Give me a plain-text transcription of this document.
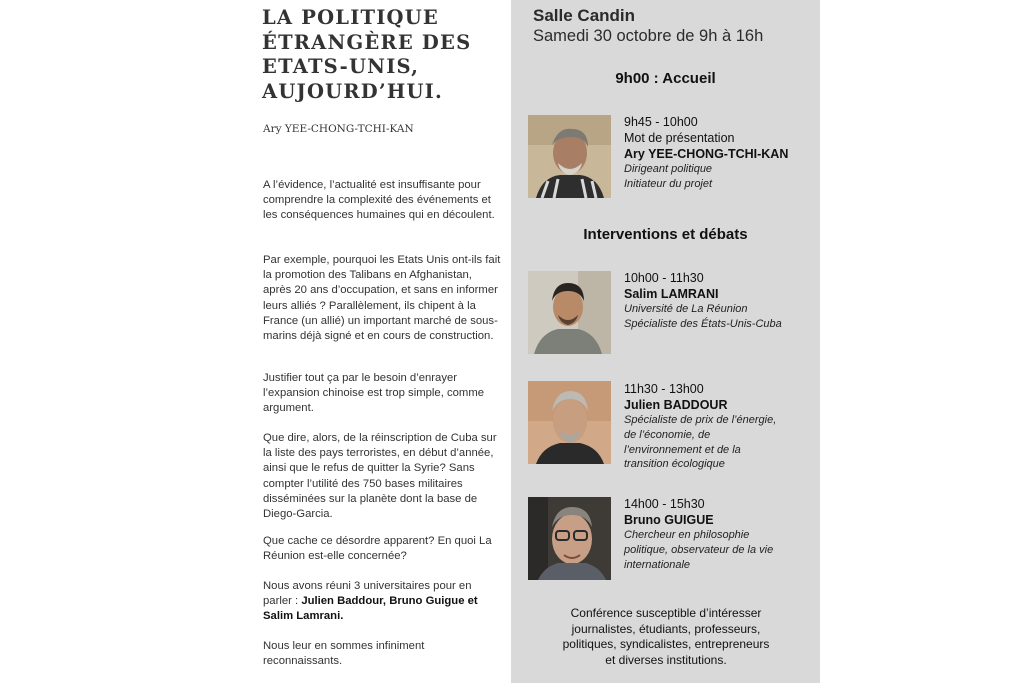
LA POLITIQUE
ÉTRANGÈRE DES
ETATS-UNIS,
AUJOURD’HUI.

Ary YEE-CHONG-TCHI-KAN

A l’évidence, l’actualité est insuffisante pour comprendre la complexité des événements et les conséquences humaines qui en découlent.

Par exemple, pourquoi les Etats Unis ont-ils fait la promotion des Talibans en Afghanistan, après 20 ans d’occupation, et sans en informer leurs alliés ? Parallèlement, ils chipent à la France (un allié) un important marché de sous-marins déjà signé et en cours de construction.

Justifier tout ça par le besoin d’enrayer l’expansion chinoise est trop simple, comme argument.

Que dire, alors, de la réinscription de Cuba sur la liste des pays terroristes, en début d’année, ainsi que le refus de quitter la Syrie? Sans compter l’utilité des 750 bases militaires disséminées sur la planète dont la base de Diego-Garcia.

Que cache ce désordre apparent? En quoi La Réunion est-elle concernée?

Nous avons réuni 3 universitaires pour en parler : Julien Baddour, Bruno Guigue et Salim Lamrani.

Nous leur en sommes infiniment reconnaissants.

Salle Candin

Samedi 30 octobre de 9h à 16h

9h00 : Accueil

9h45 - 10h00
Mot de présentation
Ary YEE-CHONG-TCHI-KAN
Dirigeant politique
Initiateur du projet

Interventions et débats

10h00 - 11h30
Salim LAMRANI
Université de La Réunion
Spécialiste des États-Unis-Cuba
11h30 - 13h00
Julien BADDOUR
Spécialiste de prix de l’énergie,
de l’économie, de
l’environnement et de la
transition écologique
14h00 - 15h30
Bruno GUIGUE
Chercheur en philosophie
politique, observateur de la vie
internationale
Conférence susceptible d’intéresser
journalistes, étudiants, professeurs,
politiques, syndicalistes, entrepreneurs
et diverses institutions.
